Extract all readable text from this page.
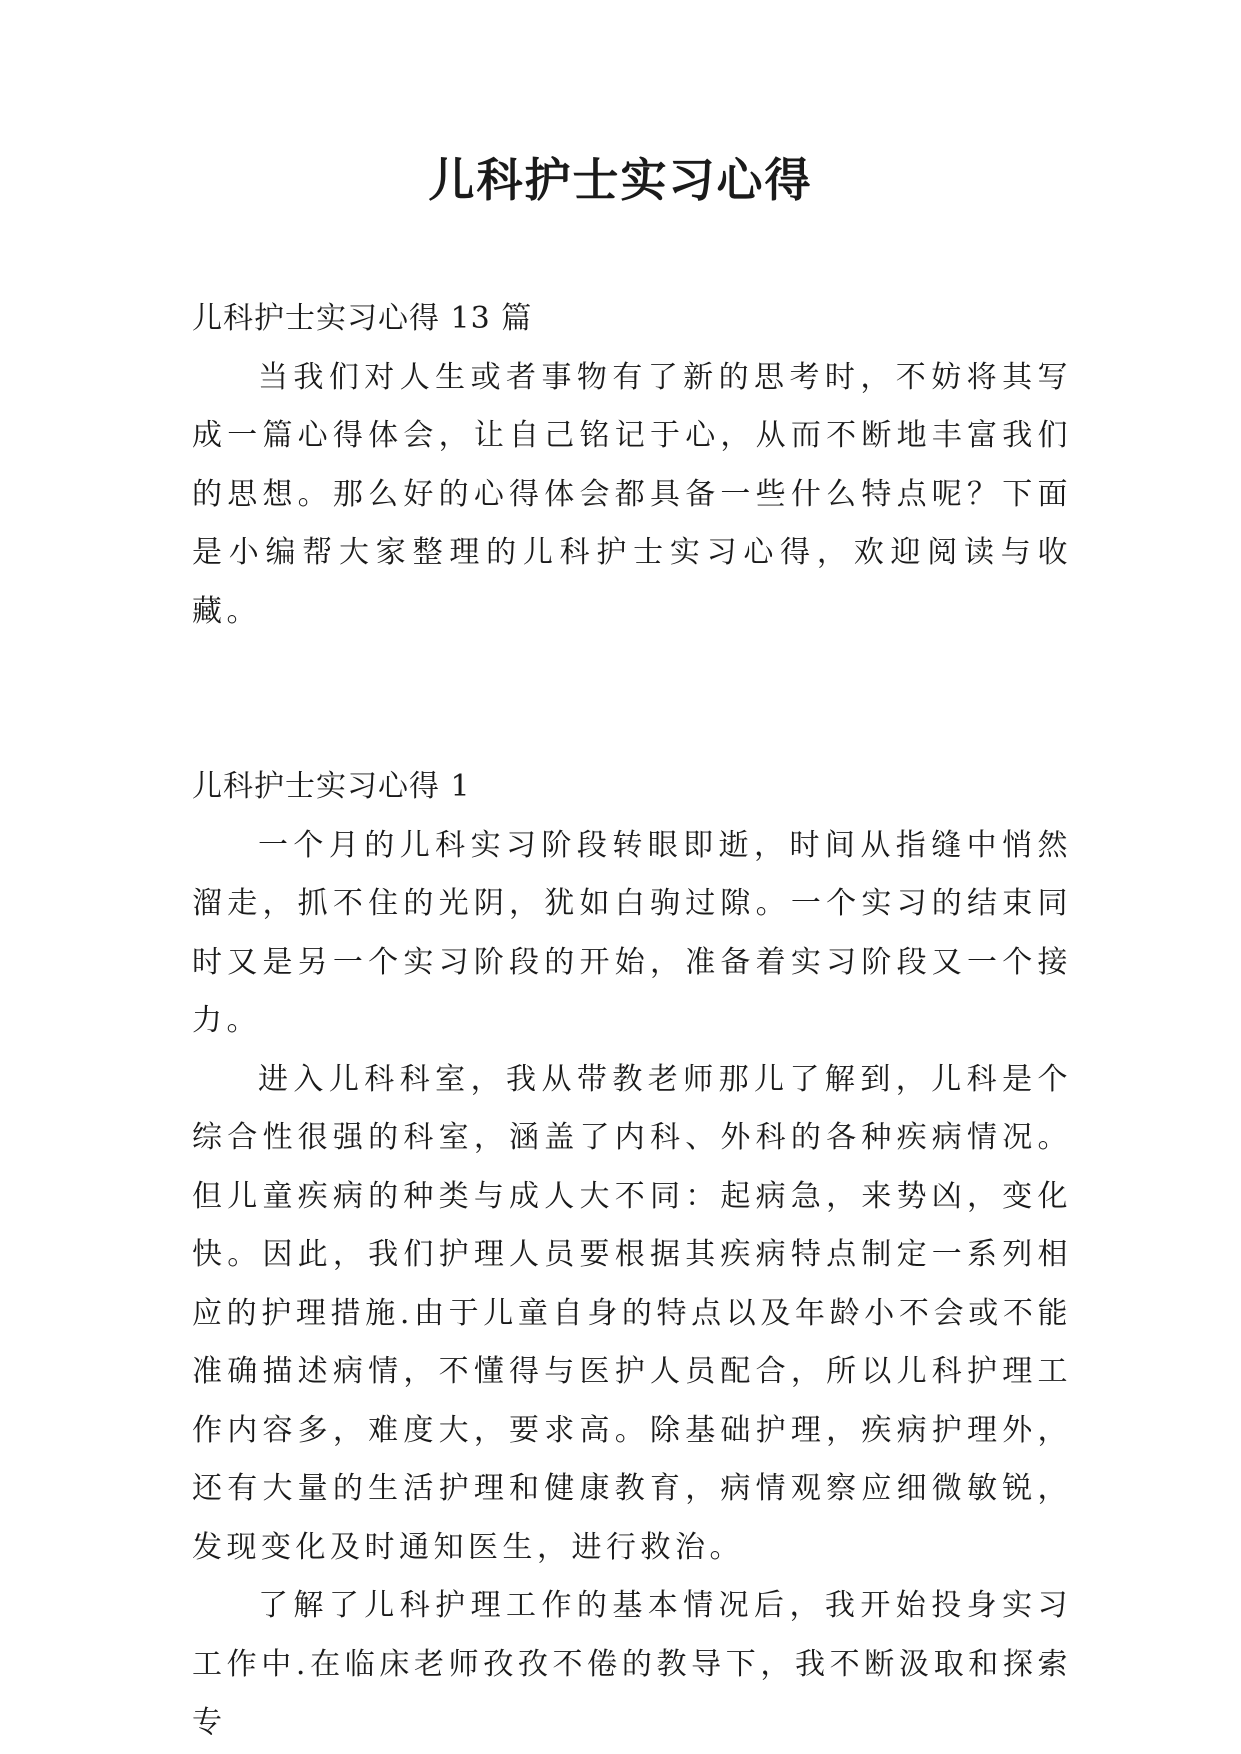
儿科护士实习心得

儿科护士实习心得 13 篇

当我们对人生或者事物有了新的思考时，不妨将其写成一篇心得体会，让自己铭记于心，从而不断地丰富我们的思想。那么好的心得体会都具备一些什么特点呢？下面是小编帮大家整理的儿科护士实习心得，欢迎阅读与收藏。

儿科护士实习心得 1

一个月的儿科实习阶段转眼即逝，时间从指缝中悄然溜走，抓不住的光阴，犹如白驹过隙。一个实习的结束同时又是另一个实习阶段的开始，准备着实习阶段又一个接力。

进入儿科科室，我从带教老师那儿了解到，儿科是个综合性很强的科室，涵盖了内科、外科的各种疾病情况。但儿童疾病的种类与成人大不同：起病急，来势凶，变化快。因此，我们护理人员要根据其疾病特点制定一系列相应的护理措施.由于儿童自身的特点以及年龄小不会或不能准确描述病情，不懂得与医护人员配合，所以儿科护理工作内容多，难度大，要求高。除基础护理，疾病护理外，还有大量的生活护理和健康教育，病情观察应细微敏锐，发现变化及时通知医生，进行救治。

了解了儿科护理工作的基本情况后，我开始投身实习工作中.在临床老师孜孜不倦的教导下，我不断汲取和探索专
